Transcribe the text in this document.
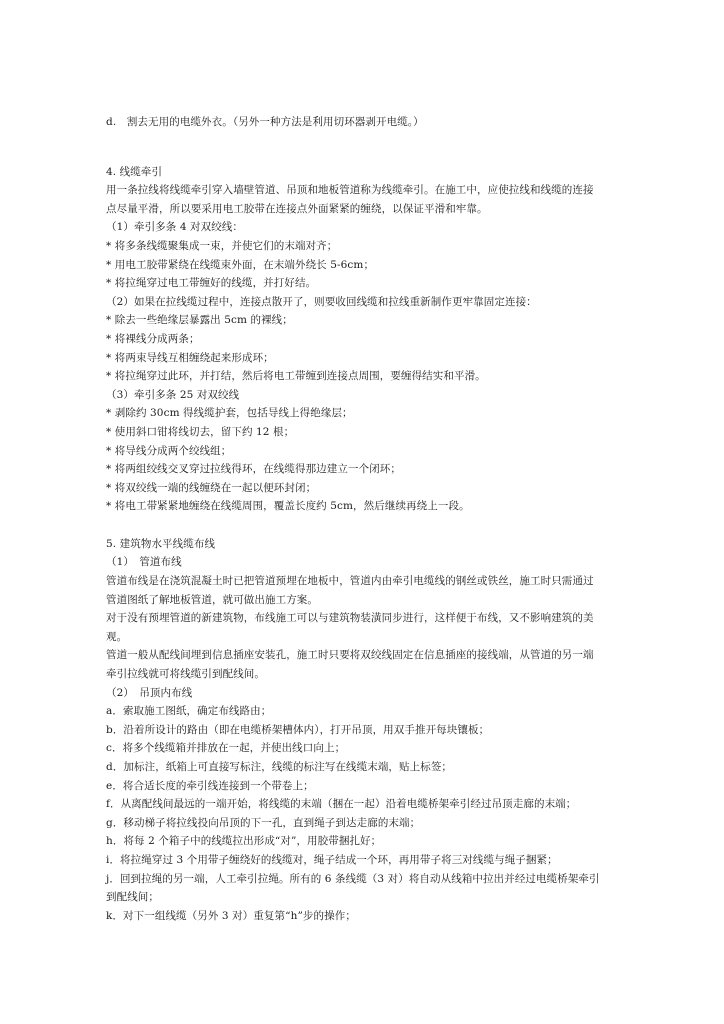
d.　割去无用的电缆外衣。（另外一种方法是利用切环器剥开电缆。）
4. 线缆牵引
用一条拉线将线缆牵引穿入墙壁管道、吊顶和地板管道称为线缆牵引。在施工中，应使拉线和线缆的连接
点尽量平滑，所以要采用电工胶带在连接点外面紧紧的缠绕，以保证平滑和牢靠。
（1）牵引多条 4 对双绞线：
* 将多条线缆聚集成一束，并使它们的末端对齐；
* 用电工胶带紧绕在线缆束外面，在末端外绕长 5-6cm；
* 将拉绳穿过电工带缠好的线缆，并打好结。
（2）如果在拉线缆过程中，连接点散开了，则要收回线缆和拉线重新制作更牢靠固定连接：
* 除去一些绝缘层暴露出 5cm 的裸线；
* 将裸线分成两条；
* 将两束导线互相缠绕起来形成环；
* 将拉绳穿过此环，并打结，然后将电工带缠到连接点周围，要缠得结实和平滑。
（3）牵引多条 25 对双绞线
* 剥除约 30cm 得线缆护套，包括导线上得绝缘层；
* 使用斜口钳将线切去，留下约 12 根；
* 将导线分成两个绞线组；
* 将两组绞线交叉穿过拉线得环，在线缆得那边建立一个闭环；
* 将双绞线一端的线缠绕在一起以便环封闭；
* 将电工带紧紧地缠绕在线缆周围，覆盖长度约 5cm，然后继续再绕上一段。
5. 建筑物水平线缆布线
（1）　管道布线
管道布线是在浇筑混凝土时已把管道预埋在地板中，管道内由牵引电缆线的钢丝或铁丝，施工时只需通过
管道图纸了解地板管道，就可做出施工方案。
对于没有预埋管道的新建筑物，布线施工可以与建筑物装潢同步进行，这样便于布线，又不影响建筑的美
观。
管道一般从配线间埋到信息插座安装孔，施工时只要将双绞线固定在信息插座的接线端，从管道的另一端
牵引拉线就可将线缆引到配线间。
（2）　吊顶内布线
a．索取施工图纸，确定布线路由；
b．沿着所设计的路由（即在电缆桥架槽体内），打开吊顶，用双手推开每块镶板；
c．将多个线缆箱并排放在一起，并使出线口向上；
d．加标注，纸箱上可直接写标注，线缆的标注写在线缆末端，贴上标签；
e．将合适长度的牵引线连接到一个带卷上；
f．从离配线间最远的一端开始，将线缆的末端（捆在一起）沿着电缆桥架牵引经过吊顶走廊的末端；
g．移动梯子将拉线投向吊顶的下一孔，直到绳子到达走廊的末端；
h．将每 2 个箱子中的线缆拉出形成“对”，用胶带捆扎好；
i．将拉绳穿过 3 个用带子缠绕好的线缆对，绳子结成一个环，再用带子将三对线缆与绳子捆紧；
j．回到拉绳的另一端，人工牵引拉绳。所有的 6 条线缆（3 对）将自动从线箱中拉出并经过电缆桥架牵引
到配线间；
k．对下一组线缆（另外 3 对）重复第“h”步的操作；
